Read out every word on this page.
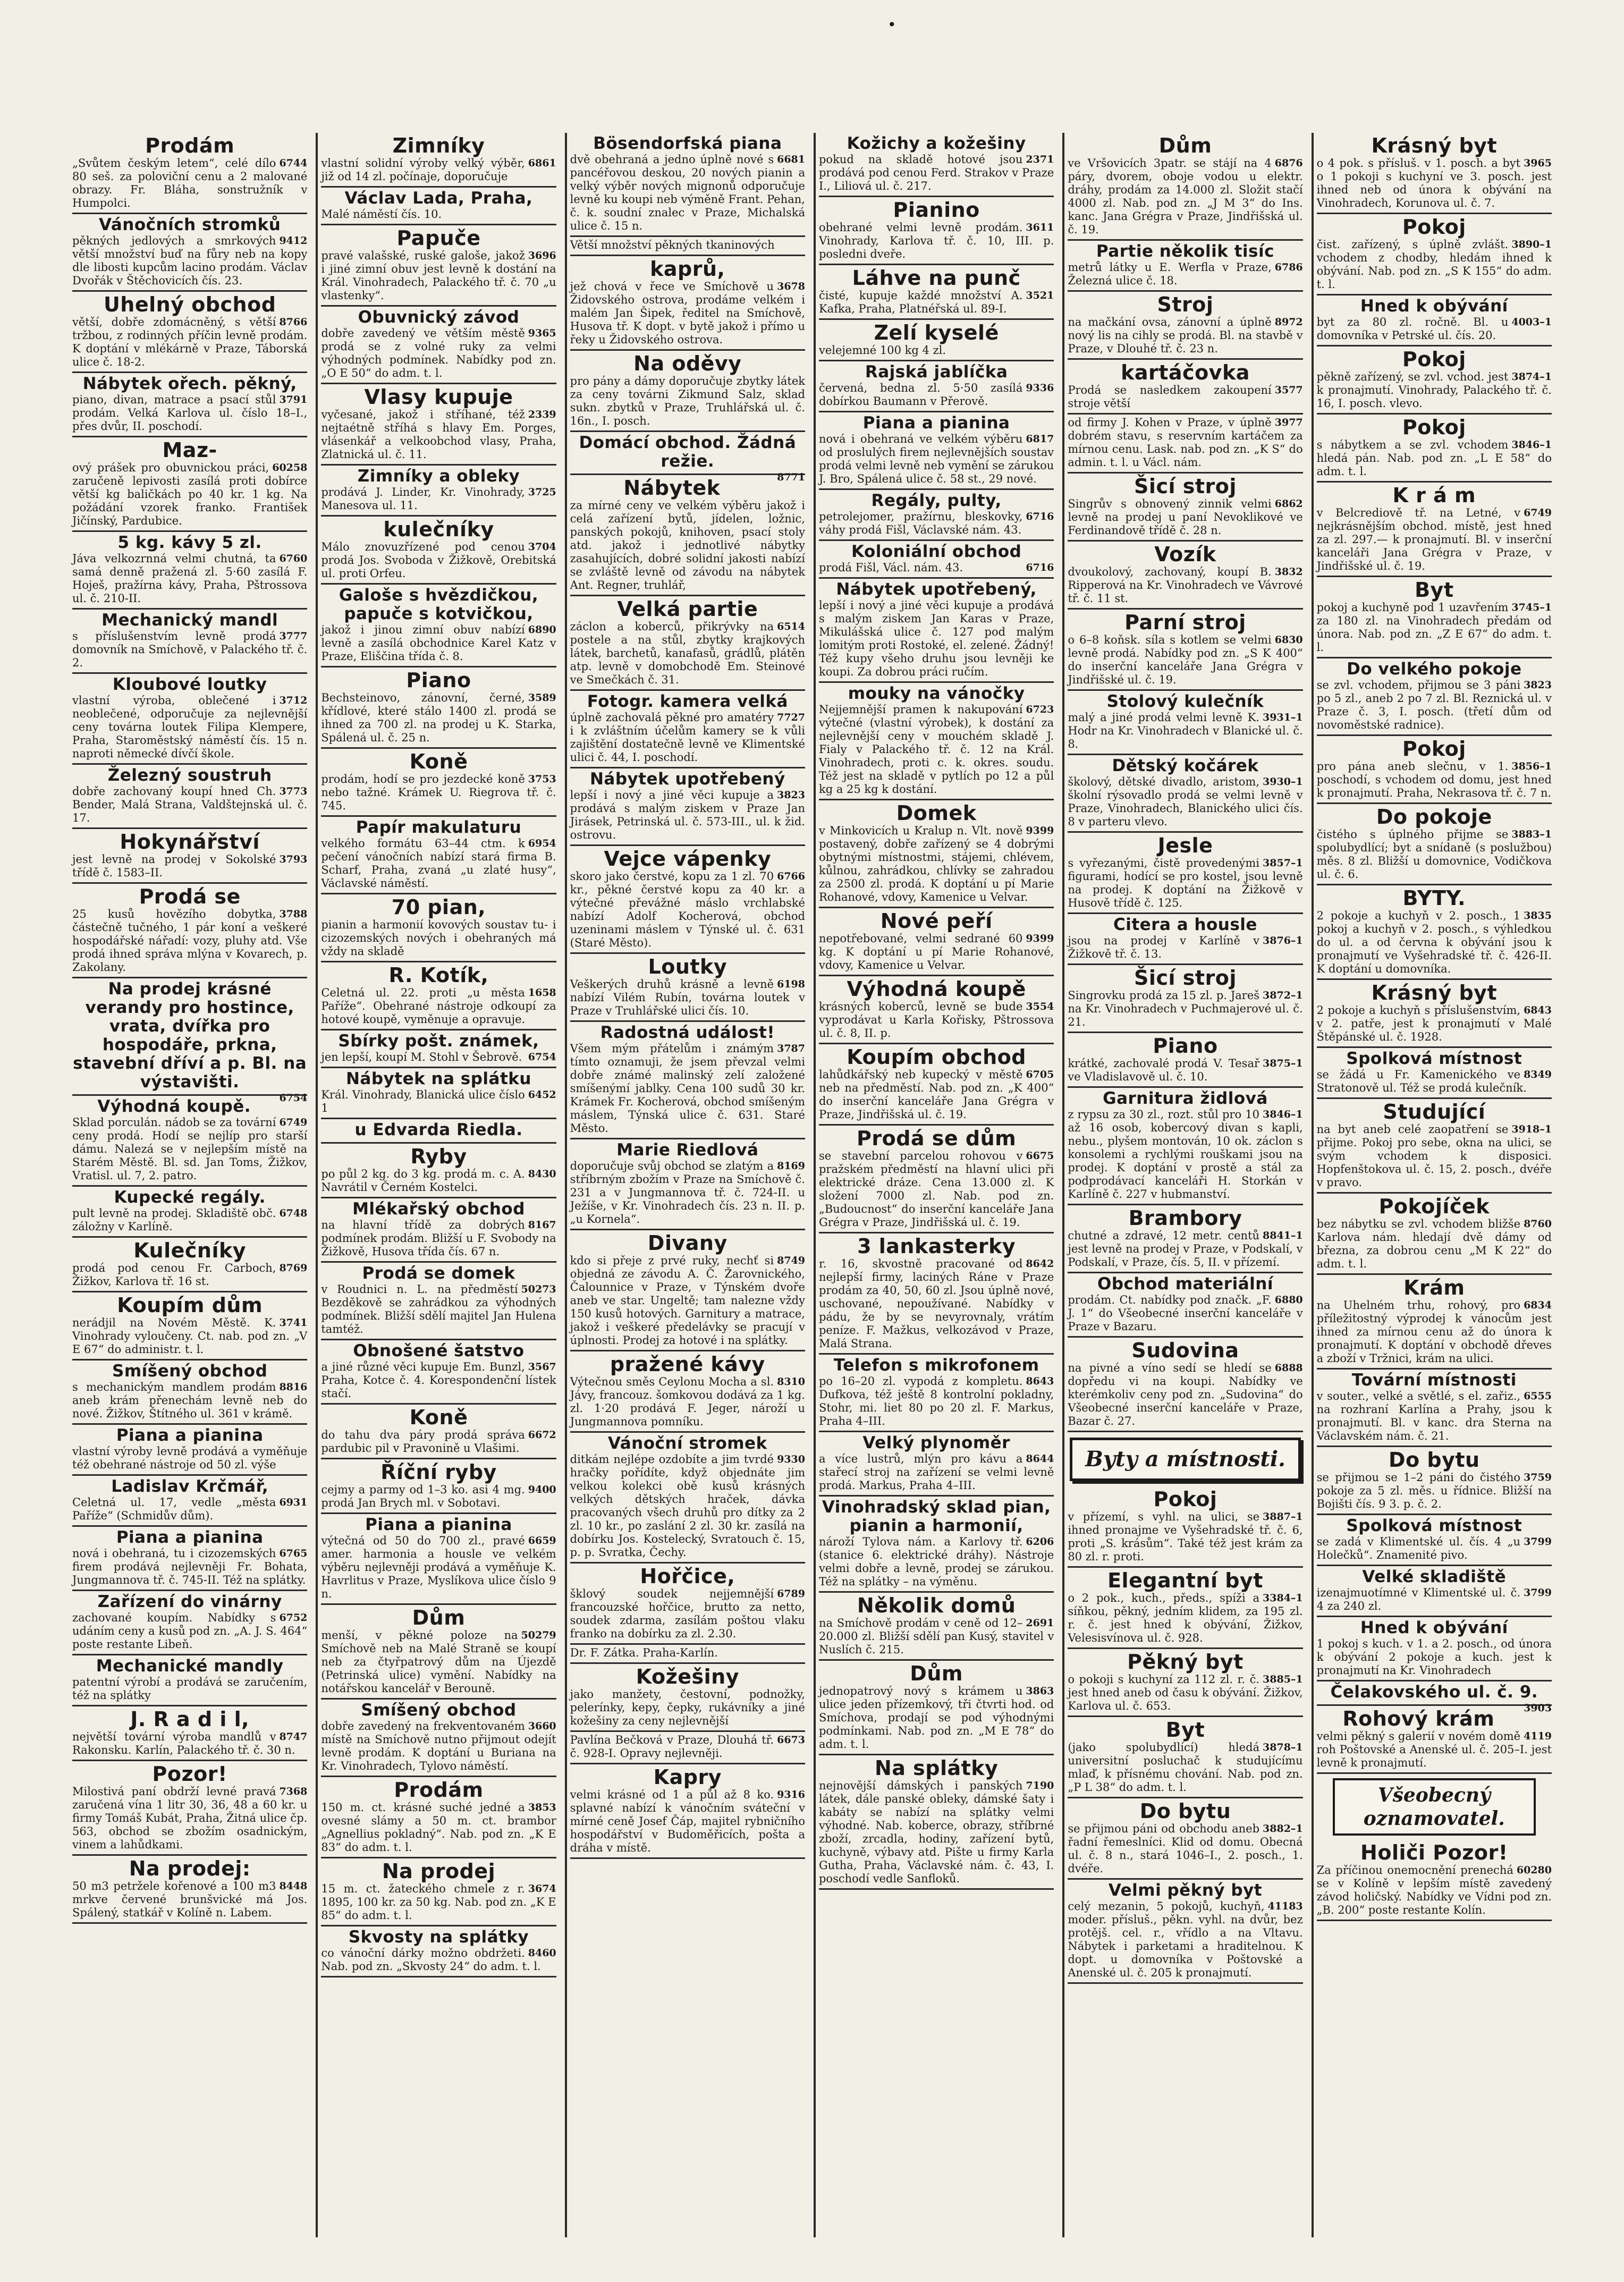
•
Prodám

6744
„Svůtem českým letem“, celé dílo 80 seš. za poloviční cenu a 2 malované obrazy. Fr. Bláha, sonstružník v Humpolci.

Vánočních stromků

9412
pěkných jedlových a smrkových větší množství buď na fůry neb na kopy dle libosti kupcům lacino prodám. Václav Dvořák v Štěchovicích čís. 23.

Uhelný obchod

8766
větší, dobře zdomácněný, s větší tržbou, z rodinných příčin levně prodám. K doptání v mlékárně v Praze, Táborská ulice č. 18-2.

Nábytek ořech. pěkný,

3791
piano, divan, matrace a psací stůl prodám. Velká Karlova ul. číslo 18–I., přes dvůr, II. poschodí.

Maz-

60258
ový prášek pro obuvnickou práci, zaručeně lepivosti zasílá proti dobírce větší kg baličkách po 40 kr. 1 kg. Na požádání vzorek franko. František Jičínský, Pardubice.

5 kg. kávy 5 zl.

6760
Jáva velkozrnná velmi chutná, ta samá denně pražená zl. 5·60 zasílá F. Hoješ, pražírna kávy, Praha, Pštrossova ul. č. 210-II.

Mechanický mandl

3777
s příslušenstvím levně prodá domovník na Smíchově, v Palackého tř. č. 2.

Kloubové loutky

3712
vlastní výroba, oblečené i neoblečené, odporučuje za nejlevnější ceny továrna loutek Filipa Klempere, Praha, Staroměstský náměstí čís. 15 n. naproti německé dívčí škole.

Železný soustruh

3773
dobře zachovaný koupí hned Ch. Bender, Malá Strana, Valdštejnská ul. č. 17.

Hokynářství

3793
jest levně na prodej v Sokolské třídě č. 1583–II.

Prodá se

3788
25 kusů hovězího dobytka, částečně tučného, 1 pár koní a veškeré hospodářské nářadí: vozy, pluhy atd. Vše prodá ihned správa mlýna v Kovarech, p. Zakolany.

Na prodej krásné verandy pro hostince, vrata, dvířka pro hospodáře, prkna, stavební dříví a p. Bl. na výstavišti.

6754

Výhodná koupě.

6749
Sklad porculán. nádob se za tovární ceny prodá. Hodí se nejlíp pro starší dámu. Nalezá se v nejlepším místě na Starém Městě. Bl. sd. Jan Toms, Žižkov, Vratisl. ul. 7, 2. patro.

Kupecké regály.

6748
pult levně na prodej. Skladiště obč. záložny v Karlíně.

Kulečníky

8769
prodá pod cenou Fr. Carboch, Žižkov, Karlova tř. 16 st.

Koupím dům

3741
nerádjil na Novém Městě. K. Vinohrady vyloučeny. Ct. nab. pod zn. „V E 67“ do administr. t. l.

Smíšený obchod

8816
s mechanickým mandlem prodám aneb krám přenechám levně neb do nové. Žižkov, Štítného ul. 361 v krámě.

Piana a pianina

vlastní výroby levně prodává a vyměňuje též obehrané nástroje od 50 zl. výše

Ladislav Krčmář,

6931
Celetná ul. 17, vedle „města Paříže“ (Schmidův dům).

Piana a pianina

6765
nová i obehraná, tu i cizozemských firem prodává nejlevněji Fr. Bohata, Jungmannova tř. č. 745-II. Též na splátky.

Zařízení do vinárny

6752
zachované koupím. Nabídky s udáním ceny a kusů pod zn. „A. J. S. 464“ poste restante Libeň.

Mechanické mandly

patentní výrobí a prodává se zaručením, též na splátky

J. R a d i l,

8747
největší tovární výroba mandlů v Rakonsku. Karlín, Palackého tř. č. 30 n.

Pozor!

7368
Milostivá paní obdrží levné pravá zaručená vína 1 litr 30, 36, 48 a 60 kr. u firmy Tomáš Kubát, Praha, Žitná ulice čp. 563, obchod se zbožím osadnickým, vinem a lahůdkami.

Na prodej:

8448
50 m3 petržele kořenové a 100 m3 mrkve červené brunšvické má Jos. Spálený, statkář v Kolíně n. Labem.

Zimníky

6861
vlastní solidní výroby velký výběr, již od 14 zl. počínaje, doporučuje

Václav Lada, Praha,

Malé náměstí čís. 10.

Papuče

3696
pravé valašské, ruské galoše, jakož i jiné zimní obuv jest levně k dostání na Král. Vinohradech, Palackého tř. č. 70 „u vlastenky“.

Obuvnický závod

9365
dobře zavedený ve větším městě prodá se z volné ruky za velmi výhodných podmínek. Nabídky pod zn. „O E 50“ do adm. t. l.

Vlasy kupuje

2339
vyčesané, jakož i stříhané, též nejtaétně stříhá s hlavy Em. Porges, vlásenkář a velkoobchod vlasy, Praha, Zlatnická ul. č. 11.

Zimníky a obleky

3725
prodává J. Linder, Kr. Vinohrady, Manesova ul. 11.

kulečníky

3704
Málo znovuzřízené pod cenou prodá Jos. Svoboda v Žižkově, Orebitská ul. proti Orfeu.

Galoše s hvězdičkou, papuče s kotvičkou,

6890
jakož i jinou zimní obuv nabízí levně a zasílá obchodnice Karel Katz v Praze, Eliščina třída č. 8.

Piano

3589
Bechsteinovo, zánovní, černé, křídlové, které stálo 1400 zl. prodá se ihned za 700 zl. na prodej u K. Starka, Spálená ul. č. 25 n.

Koně

3753
prodám, hodí se pro jezdecké koně nebo tažné. Krámek U. Riegrova tř. č. 745.

Papír makulaturu

6954
velkého formátu 63–44 ctm. k pečení vánočních nabízí stará firma B. Scharf, Praha, zvaná „u zlaté husy“, Václavské náměstí.

70 pian,

pianin a harmonií kovových soustav tu- i cizozemských nových i obehraných má vždy na skladě

R. Kotík,

1658
Celetná ul. 22. proti „u města Paříže“. Obehrané nástroje odkoupí za hotové koupě, vyměnuje a opravuje.

Sbírky pošt. známek,

6754
jen lepší, koupí M. Stohl v Šebrově.

Nábytek na splátku

6452
Král. Vinohrady, Blanická ulice číslo 1

u Edvarda Riedla.
Ryby

8430
po půl 2 kg. do 3 kg. prodá m. c. A. Navrátil v Černém Kostelci.

Mlékařský obchod

8167
na hlavní třídě za dobrých podmínek prodám. Bližší u F. Svobody na Žižkově, Husova třída čís. 67 n.

Prodá se domek

50273
v Roudnici n. L. na předměstí Bezděkově se zahrádkou za výhodných podmínek. Bližší sdělí majitel Jan Hulena tamtéž.

Obnošené šatstvo

3567
a jiné různé věci kupuje Em. Bunzl, Praha, Kotce č. 4. Korespondenční lístek stačí.

Koně

6672
do tahu dva páry prodá správa pardubic pil v Pravonině u Vlašimi.

Říční ryby

9400
cejmy a parmy od 1–3 ko. asi 4 mg. prodá Jan Brych ml. v Sobotavi.

Piana a pianina

6659
výtečná od 50 do 700 zl., pravé amer. harmonia a housle ve velkém výběru nejlevněji prodává a vyměňuje K. Havrlitus v Praze, Myslíkova ulice číslo 9 n.

Dům

50279
menší, v pěkné poloze na Smíchově neb na Malé Straně se koupí neb za čtyřpatrový dům na Újezdě (Petrinská ulice) vymění. Nabídky na notářskou kancelář v Berouně.

Smíšený obchod

3660
dobře zavedený na frekventovaném místě na Smíchově nutno přijmout odejít levně prodám. K doptání u Buriana na Kr. Vinohradech, Tylovo náměstí.

Prodám

3853
150 m. ct. krásné suché jedné a ovesné slámy a 50 m. ct. brambor „Agnellius pokladný“. Nab. pod zn. „K E 83“ do adm. t. l.

Na prodej

3674
15 m. ct. žateckého chmele z r. 1895, 100 kr. za 50 kg. Nab. pod zn. „K E 85“ do adm. t. l.

Skvosty na splátky

8460
co vánoční dárky možno obdržeti. Nab. pod zn. „Skvosty 24“ do adm. t. l.

Bösendorfská piana

6681
dvě obehraná a jedno úplně nové s pancéřovou deskou, 20 nových pianin a velký výběr nových mignonů odporučuje levně ku koupi neb výměně Frant. Pehan, č. k. soudní znalec v Praze, Michalská ulice č. 15 n.

Větší množství pěkných tkaninových

kaprů,

3678
jež chová v řece ve Smíchově u Židovského ostrova, prodáme velkém i malém Jan Šipek, ředitel na Smíchově, Husova tř. K dopt. v bytě jakož i přímo u řeky u Židovského ostrova.

Na oděvy

pro pány a dámy doporučuje zbytky látek za ceny továrni Zikmund Salz, sklad sukn. zbytků v Praze, Truhlářská ul. č. 16n., I. posch.

Domácí obchod. Žádná režie.

8771

Nábytek

za mírné ceny ve velkém výběru jakož i celá zařízení bytů, jídelen, ložnic, panských pokojů, knihoven, psací stoly atd. jakož i jednotlivé nábytky zasahujících, dobré solidní jakosti nabízí se zvláště levně od závodu na nábytek Ant. Regner, truhlář,

Velká partie

6514
záclon a koberců, přikrývky na postele a na stůl, zbytky krajkových látek, barchetů, kanafasů, grádlů, plátěn atp. levně v domobchodě Em. Steinové ve Smečkách č. 31.

Fotogr. kamera velká

7727
úplně zachovalá pěkné pro amatéry i k zvláštním účelům kamery se k vůli zajištění dostatečně levně ve Klimentské ulici č. 44, I. poschodí.

Nábytek upotřebený

3823
lepší i nový a jiné věci kupuje a prodává s malým ziskem v Praze Jan Jirásek, Petrinská ul. č. 573-III., ul. k žid. ostrovu.

Vejce vápenky

6766
skoro jako čerstvé, kopu za 1 zl. 70 kr., pěkné čerstvé kopu za 40 kr. a výtečné převážné máslo vrchlabské nabízí Adolf Kocherová, obchod uzeninami máslem v Týnské ul. č. 631 (Staré Město).

Loutky

6198
Veškerých druhů krásně a levně nabízí Vilém Rubín, továrna loutek v Praze v Truhlářské ulici čís. 10.

Radostná událost!

3787
Všem mým přátelům i známým tímto oznamuji, že jsem převzal velmi dobře známé malinský zelí založené smíšenýmí jablky. Cena 100 sudů 30 kr. Krámek Fr. Kocherová, obchod smíšeným máslem, Týnská ulice č. 631. Staré Město.

Marie Riedlová

8169
doporučuje svůj obchod se zlatým a stříbrným zbožím v Praze na Smíchově č. 231 a v Jungmannova tř. č. 724-II. u Ježíše, v Kr. Vinohradech čís. 23 n. II. p. „u Kornela“.

Divany

8749
kdo si přeje z prvé ruky, nechť si objedná ze závodu A. Č. Žarovnického, Čalounnice v Praze, v Týnském dvoře aneb ve star. Ungeltě; tam nalezne vždy 150 kusů hotových. Garnitury a matrace, jakož i veškeré předelávky se pracují v úplnosti. Prodej za hotové i na splátky.

pražené kávy

8310
Výtečnou směs Ceylonu Mocha a sl. Jávy, francouz. šomkovou dodává za 1 kg. zl. 1·20 prodává F. Jeger, nároží u Jungmannova pomníku.

Vánoční stromek

9330
ditkám nejlépe ozdobíte a jim tvrdé hračky pořídíte, když objednáte jim velkou kolekci obě kusů krásných velkých dětských hraček, dávka pracovaných všech druhů pro dítky za 2 zl. 10 kr., po zaslání 2 zl. 30 kr. zasílá na dobírku Jos. Kostelecký, Svratouch č. 15, p. p. Svratka, Čechy.

Hořčice,

6789
šklový soudek nejjemnější francouzské hořčice, brutto za netto, soudek zdarma, zasílám poštou vlaku franko na dobírku za zl. 2.30.

Dr. F. Zátka. Praha-Karlín.

Kožešiny

jako manžety, čestovní, podnožky, pelerínky, kepy, čepky, rukávníky a jiné kožešiny za ceny nejlevnější

6673
Pavlína Bečková v Praze, Dlouhá tř. č. 928-I. Opravy nejlevněji.

Kapry

9316
velmi krásné od 1 a půl až 8 ko. splavné nabízí k vánočním sváteční v mírné ceně Josef Čáp, majitel rybničního hospodářství v Budoměřicích, pošta a dráha v místě.

Kožichy a kožešiny

2371
pokud na skladě hotové jsou prodává pod cenou Ferd. Strakov v Praze I., Liliová ul. č. 217.

Pianino

3611
obehrané velmi levně prodám. Vinohrady, Karlova tř. č. 10, III. p. posledni dveře.

Láhve na punč

3521
čisté, kupuje každé množství A. Kafka, Praha, Platnéřská ul. 89-I.

Zelí kyselé

velejemné 100 kg 4 zl.

Rajská jablíčka

9336
červená, bedna zl. 5·50 zasílá dobírkou Baumann v Přerově.

Piana a pianina

6817
nová i obehraná ve velkém výběru od proslulých firem nejlevnějších soustav prodá velmi levně neb vymění se zárukou J. Bro, Spálená ulice č. 58 st., 29 nové.

Regály, pulty,

6716
petrolejomer, pražírnu, bleskovky, váhy prodá Fišl, Václavské nám. 43.

Koloniální obchod

6716
prodá Fišl, Václ. nám. 43.

Nábytek upotřebený,

lepší i nový a jiné věci kupuje a prodává s malým ziskem Jan Karas v Praze, Mikulášská ulice č. 127 pod malým lomitým proti Rostoké, el. zelené. Žádný! Též kupy všeho druhu jsou levněji ke koupi. Za dobrou práci ručím.

mouky na vánočky

6723
Nejjemnější pramen k nakupování výtečné (vlastní výrobek), k dostání za nejlevnější ceny v mouchém skladě J. Fialy v Palackého tř. č. 12 na Král. Vinohradech, proti c. k. okres. soudu. Též jest na skladě v pytlích po 12 a půl kg a 25 kg k dostání.

Domek

9399
v Minkovicích u Kralup n. Vlt. nově postavený, dobře zařízený se 4 dobrými obytnými místnostmi, stájemi, chlévem, kůlnou, zahrádkou, chlívky se zahradou za 2500 zl. prodá. K doptání u pí Marie Rohanové, vdovy, Kamenice u Velvar.

Nové peří

9399
nepotřebované, velmi sedrané 60 kg. K doptání u pí Marie Rohanové, vdovy, Kamenice u Velvar.

Výhodná koupě

3554
krásných koberců, levně se bude vyprodávat u Karla Kořisky, Pštrossova ul. č. 8, II. p.

Koupím obchod

6705
lahůdkářský neb kupecký v městě neb na předměstí. Nab. pod zn. „K 400“ do inserční kanceláře Jana Grégra v Praze, Jindřišská ul. č. 19.

Prodá se dům

6675
se stavební parcelou rohovou v pražském předměstí na hlavní ulici při elektrické dráze. Cena 13.000 zl. K složení 7000 zl. Nab. pod zn. „Budoucnost“ do inserční kanceláře Jana Grégra v Praze, Jindřišská ul. č. 19.

3 lankasterky

8642
r. 16, skvostně pracované od nejlepší firmy, laciných Ráne v Praze prodám za 40, 50, 60 zl. Jsou úplně nové, uschované, nepoužívané. Nabídky v pádu, že by se nevyrovnaly, vrátím peníze. F. Mažkus, velkozávod v Praze, Malá Strana.

Telefon s mikrofonem

8643
po 16–20 zl. vypodá z kompletu. Dufkova, též ještě 8 kontrolní pokladny, Stohr, mi. liet 80 po 20 zl. F. Markus, Praha 4–III.

Velký plynoměr

8644
a více lustrů, mlýn pro kávu a stařecí stroj na zařízení se velmi levně prodá. Markus, Praha 4–III.

Vinohradský sklad pian, pianin a harmonií,

6206
nároží Tylova nám. a Karlovy tř. (stanice 6. elektrické dráhy). Nástroje velmi dobře a levně, prodej se zárukou. Též na splátky – na výměnu.

Několik domů

2691
na Smíchově prodám v ceně od 12–20.000 zl. Bližší sdělí pan Kusý, stavitel v Nuslích č. 215.

Dům

3863
jednopatrový nový s krámem u ulice jeden přízemkový, tři čtvrti hod. od Smíchova, prodají se pod výhodnými podmínkami. Nab. pod zn. „M E 78“ do adm. t. l.

Na splátky

7190
nejnovější dámských i panských látek, dále panské obleky, dámské šaty i kabáty se nabízí na splátky velmi výhodné. Nab. koberce, obrazy, stříbrné zboží, zrcadla, hodiny, zařízení bytů, kuchyně, výbavy atd. Pište u firmy Karla Gutha, Praha, Václavské nám. č. 43, I. poschodí vedle Sanfloků.

Dům

6876
ve Vršovicích 3patr. se stájí na 4 páry, dvorem, oboje vodou u elektr. dráhy, prodám za 14.000 zl. Složit stačí 4000 zl. Nab. pod zn. „J M 3“ do Ins. kanc. Jana Grégra v Praze, Jindřišská ul. č. 19.

Partie několik tisíc

6786
metrů látky u E. Werfla v Praze, Železná ulice č. 18.

Stroj

8972
na mačkání ovsa, zánovní a úplně nový lis na cihly se prodá. Bl. na stavbě v Praze, v Dlouhé tř. č. 23 n.

kartáčovka

3577
Prodá se nasledkem zakoupení stroje větší

3977
od firmy J. Kohen v Praze, v úplně dobrém stavu, s reservním kartáčem za mírnou cenu. Lask. nab. pod zn. „K S“ do admin. t. l. u Václ. nám.

Šicí stroj

6862
Singrův s obnovený zinnik velmi levně na prodej u paní Nevoklikové ve Ferdinandově třídě č. 28 n.

Vozík

3832
dvoukolový, zachovaný, koupí B. Ripperová na Kr. Vinohradech ve Vávrové tř. č. 11 st.

Parní stroj

6830
o 6–8 koňsk. síla s kotlem se velmi levně prodá. Nabídky pod zn. „S K 400“ do inserční kanceláře Jana Grégra v Jindřišské ul. č. 19.

Stolový kulečník

3931–1
malý a jiné prodá velmi levně K. Hodr na Kr. Vinohradech v Blanické ul. č. 8.

Dětský kočárek

3930–1
školový, dětské divadlo, aristom, školní rýsovadlo prodá se velmi levně v Praze, Vinohradech, Blanického ulici čís. 8 v parteru vlevo.

Jesle

3857–1
s vyřezanými, čistě provedenými figurami, hodící se pro kostel, jsou levně na prodej. K doptání na Žižkově v Husově třídě č. 125.

Citera a housle

3876–1
jsou na prodej v Karlíně v Žižkově tř. č. 13.

Šicí stroj

3872–1
Singrovku prodá za 15 zl. p. Jareš na Kr. Vinohradech v Puchmajerové ul. č. 21.

Piano

3875–1
krátké, zachovalé prodá V. Tesař ve Vladislavově ul. č. 10.

Garnitura židlová

3846–1
z rypsu za 30 zl., rozt. stůl pro 10 až 16 osob, kobercový divan s kapli, nebu., plyšem montován, 10 ok. záclon s konsolemi a rychlými rouškami jsou na prodej. K doptání v prostě a stál za podprodávací kanceláři H. Storkán v Karlíně č. 227 v hubmanství.

Brambory

8841–1
chutné a zdravé, 12 metr. centů jest levně na prodej v Praze, v Podskalí, v Podskalí, v Praze, čís. 5, II. v přízemí.

Obchod materiální

6880
prodám. Ct. nabídky pod značk. „F. J. 1“ do Všeobecné inserční kanceláře v Praze v Bazaru.

Sudovina

6888
na pivné a víno sedí se hledí se dopředu vi na koupi. Nabídky ve kterémkoliv ceny pod zn. „Sudovina“ do Všeobecné inserční kanceláře v Praze, Bazar č. 27.

Byty a místnosti.
Pokoj

3887–1
v přízemí, s vyhl. na ulici, se ihned pronajme ve Vyšehradské tř. č. 6, proti „S. krásům“. Také též jest krám za 80 zl. r. proti.

Elegantní byt

3384–1
o 2 pok., kuch., předs., spíži a síňkou, pěkný, jedním klidem, za 195 zl. r. č. jest hned k obývání, Žižkov, Velesisvínova ul. č. 928.

Pěkný byt

3885–1
o pokoji s kuchyní za 112 zl. r. č. jest hned aneb od času k obývání. Žižkov, Karlova ul. č. 653.

Byt

3878–1
(jako spolubydlící) hledá universitní posluchač k studujícímu mlaď, k přísnému chování. Nab. pod zn. „P L 38“ do adm. t. l.

Do bytu

3882–1
se přijmou páni od obchodu aneb řadní řemeslníci. Klid od domu. Obecná ul. č. 8 n., stará 1046–I., 2. posch., 1. dvéře.

Velmi pěkný byt

41183
celý mezanin, 5 pokojů, kuchyň, moder. přísluš., pěkn. vyhl. na dvůr, bez protějš. cel. r., vřídlo a na Vltavu. Nábytek i parketami a hraditelnou. K dopt. u domovníka v Poštovské a Anenské ul. č. 205 k pronajmutí.

Krásný byt

3965
o 4 pok. s přísluš. v 1. posch. a byt o 1 pokoji s kuchyní ve 3. posch. jest ihned neb od února k obývání na Vinohradech, Korunova ul. č. 7.

Pokoj

3890–1
čist. zařízený, s úplně zvlášt. vchodem z chodby, hledám ihned k obývání. Nab. pod zn. „S K 155“ do adm. t. l.

Hned k obývání

4003–1
byt za 80 zl. ročně. Bl. u domovníka v Petrské ul. čís. 20.

Pokoj

3874–1
pěkně zařízený, se zvl. vchod. jest k pronajmutí. Vinohrady, Palackého tř. č. 16, I. posch. vlevo.

Pokoj

3846–1
s nábytkem a se zvl. vchodem hledá pán. Nab. pod zn. „L E 58“ do adm. t. l.

K r á m

6749
v Belcrediově tř. na Letné, v nejkrásnějším obchod. místě, jest hned za zl. 297.— k pronajmutí. Bl. v inserční kanceláři Jana Grégra v Praze, v Jindřišské ul. č. 19.

Byt

3745–1
pokoj a kuchyně pod 1 uzavřením za 180 zl. na Vinohradech předám od února. Nab. pod zn. „Z E 67“ do adm. t. l.

Do velkého pokoje

3823
se zvl. vchodem, přijmou se 3 páni po 5 zl., aneb 2 po 7 zl. Bl. Reznická ul. v Praze č. 3, I. posch. (třetí dům od novoměstské radnice).

Pokoj

3856–1
pro pána aneb slečnu, v 1. poschodí, s vchodem od domu, jest hned k pronajmutí. Praha, Nekrasova tř. č. 7 n.

Do pokoje

3883–1
čistého s úplného přijme se spolubydlící; byt a snídaně (s poslužbou) měs. 8 zl. Bližší u domovnice, Vodičkova ul. č. 6.

BYTY.

3835
2 pokoje a kuchyň v 2. posch., 1 pokoj a kuchyň v 2. posch., s výhledkou do ul. a od června k obývání jsou k pronajmutí ve Vyšehradské tř. č. 426-II. K doptání u domovníka.

Krásný byt

6843
2 pokoje a kuchyň s příslušenstvím, v 2. patře, jest k pronajmutí v Malé Štěpánské ul. č. 1928.

Spolková místnost

8349
se žádá u Fr. Kamenického ve Stratonově ul. Též se prodá kulečník.

Studující

3918–1
na byt aneb celé zaopatření se přijme. Pokoj pro sebe, okna na ulici, se svým vchodem k disposici. Hopfenštokova ul. č. 15, 2. posch., dvéře v pravo.

Pokojíček

8760
bez nábytku se zvl. vchodem bližše Karlova nám. hledají dvě dámy od března, za dobrou cenu „M K 22“ do adm. t. l.

Krám

6834
na Uhelném trhu, rohový, pro příležitostný výprodej k vánocům jest ihned za mírnou cenu až do února k pronajmutí. K doptání v obchodě dřeves a zboží v Tržnici, krám na ulici.

Tovární místnosti

6555
v souter., velké a světlé, s el. zařiz., na rozhraní Karlína a Prahy, jsou k pronajmutí. Bl. v kanc. dra Sterna na Václavském nám. č. 21.

Do bytu

3759
se přijmou se 1–2 páni do čistého pokoje za 5 zl. měs. u řídnice. Bližší na Bojišti čís. 9 3. p. č. 2.

Spolková místnost

3799
se zadá v Klimentské ul. čís. 4 „u Holečků“. Znamenité pivo.

Velké skladiště

3799
izenajmuotímné v Klimentské ul. č. 4 za 240 zl.

Hned k obývání

1 pokoj s kuch. v 1. a 2. posch., od února k obývání 2 pokoje a kuch. jest k pronajmutí na Kr. Vinohradech

Čelakovského ul. č. 9.

3903

Rohový krám

4119
velmi pěkný s galerií v novém domě roh Poštovské a Anenské ul. č. 205–I. jest levně k pronajmutí.

Všeobecný oznamovatel.
Holiči Pozor!

60280
Za příčinou onemocnění prenechá se v Kolíně v lepším místě zavedený závod holičský. Nabídky ve Vídni pod zn. „B. 200“ poste restante Kolín.
